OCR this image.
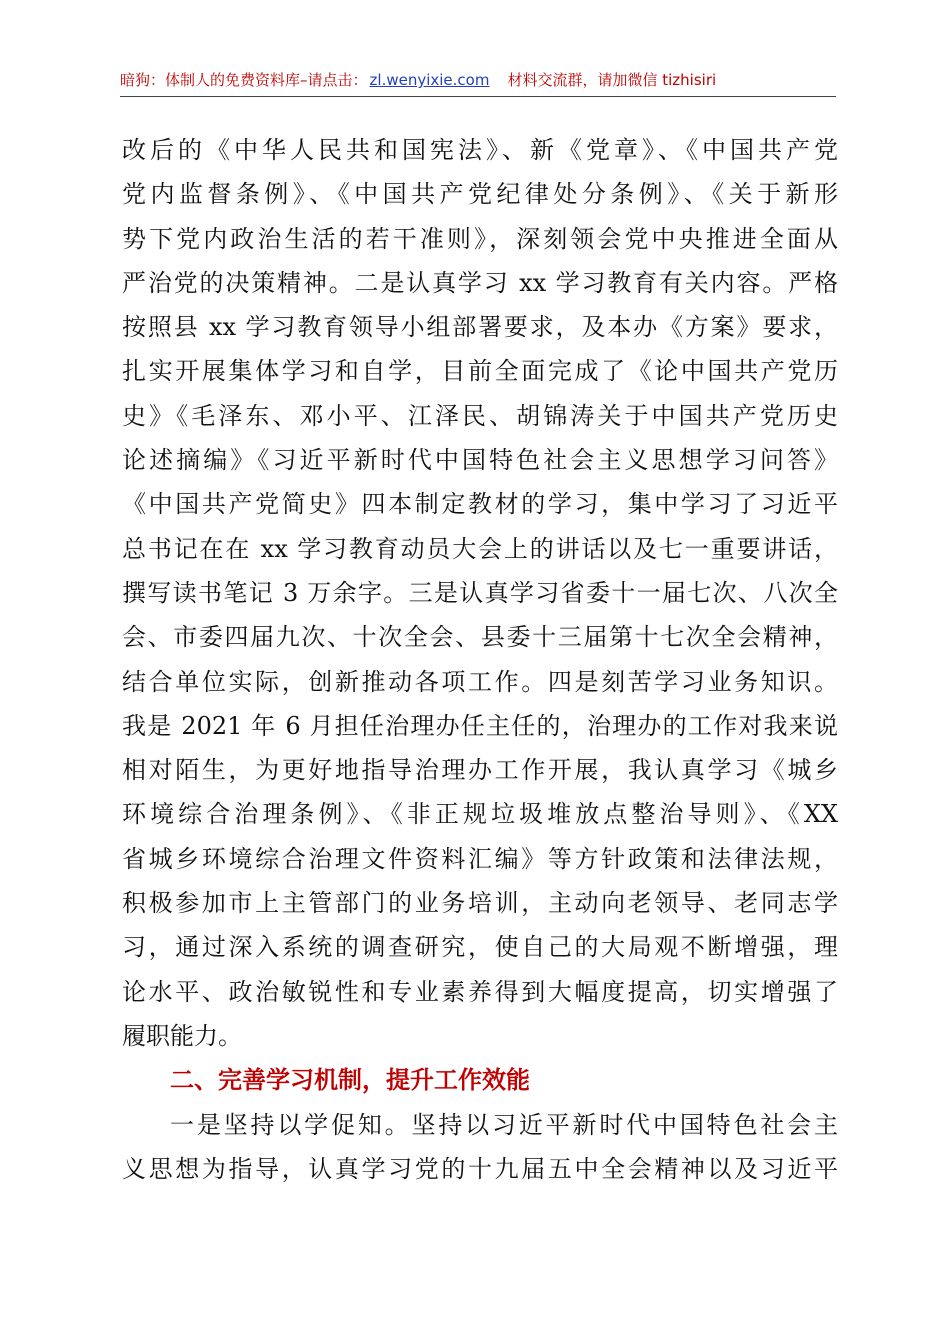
暗狗：体制人的免费资料库–请点击： zl.wenyixie.com 材料交流群，请加微信 tizhisiri
改后的《中华人民共和国宪法》、新《党章》、《中国共产党
党内监督条例》、《中国共产党纪律处分条例》、《关于新形
势下党内政治生活的若干准则》，深刻领会党中央推进全面从
严治党的决策精神。二是认真学习 xx 学习教育有关内容。严格
按照县 xx 学习教育领导小组部署要求，及本办《方案》要求，
扎实开展集体学习和自学，目前全面完成了《论中国共产党历
史》《毛泽东、邓小平、江泽民、胡锦涛关于中国共产党历史
论述摘编》《习近平新时代中国特色社会主义思想学习问答》
《中国共产党简史》四本制定教材的学习，集中学习了习近平
总书记在在 xx 学习教育动员大会上的讲话以及七一重要讲话，
撰写读书笔记 3 万余字。三是认真学习省委十一届七次、八次全
会、市委四届九次、十次全会、县委十三届第十七次全会精神，
结合单位实际，创新推动各项工作。四是刻苦学习业务知识。
我是 2021 年 6 月担任治理办任主任的，治理办的工作对我来说
相对陌生，为更好地指导治理办工作开展，我认真学习《城乡
环境综合治理条例》、《非正规垃圾堆放点整治导则》、《XX
省城乡环境综合治理文件资料汇编》等方针政策和法律法规，
积极参加市上主管部门的业务培训，主动向老领导、老同志学
习，通过深入系统的调查研究，使自己的大局观不断增强，理
论水平、政治敏锐性和专业素养得到大幅度提高，切实增强了
履职能力。
二、完善学习机制，提升工作效能
一是坚持以学促知。坚持以习近平新时代中国特色社会主
义思想为指导，认真学习党的十九届五中全会精神以及习近平
